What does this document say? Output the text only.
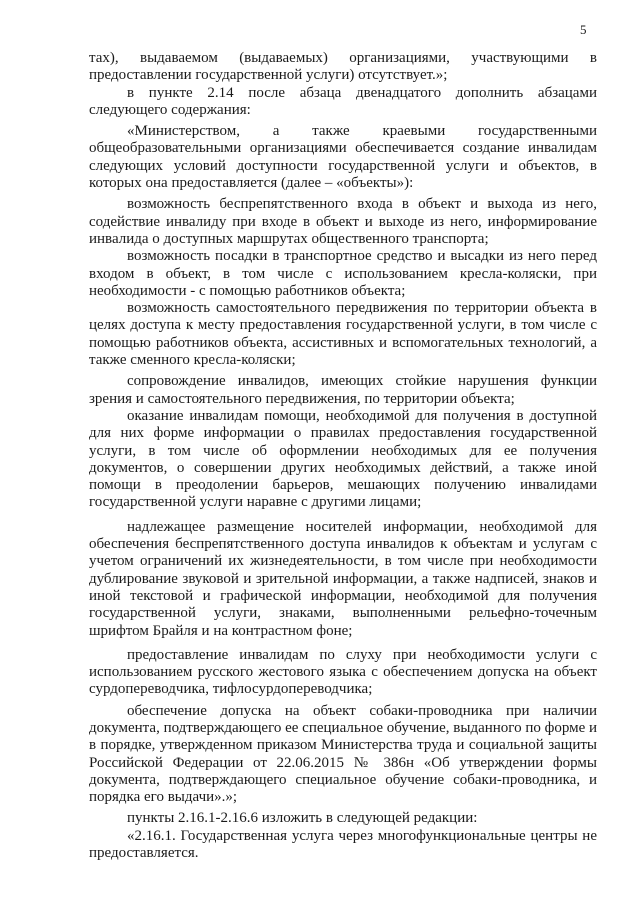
5

тах), выдаваемом (выдаваемых) организациями, участвующими в предоставлении государственной услуги) отсутствует.»;

в пункте 2.14 после абзаца двенадцатого дополнить абзацами следующего содержания:

«Министерством, а также краевыми государственными общеобразовательными организациями обеспечивается создание инвалидам следующих условий доступности государственной услуги и объектов, в которых она предоставляется (далее – «объекты»):

возможность беспрепятственного входа в объект и выхода из него, содействие инвалиду при входе в объект и выходе из него, информирование инвалида о доступных маршрутах общественного транспорта;

возможность посадки в транспортное средство и высадки из него перед входом в объект, в том числе с использованием кресла-коляски, при необходимости - с помощью работников объекта;

возможность самостоятельного передвижения по территории объекта в целях доступа к месту предоставления государственной услуги, в том числе с помощью работников объекта, ассистивных и вспомогательных технологий, а также сменного кресла-коляски;

сопровождение инвалидов, имеющих стойкие нарушения функции зрения и самостоятельного передвижения, по территории объекта;

оказание инвалидам помощи, необходимой для получения в доступной для них форме информации о правилах предоставления государственной услуги, в том числе об оформлении необходимых для ее получения документов, о совершении других необходимых действий, а также иной помощи в преодолении барьеров, мешающих получению инвалидами государственной услуги наравне с другими лицами;

надлежащее размещение носителей информации, необходимой для обеспечения беспрепятственного доступа инвалидов к объектам и услугам с учетом ограничений их жизнедеятельности, в том числе при необходимости дублирование звуковой и зрительной информации, а также надписей, знаков и иной текстовой и графической информации, необходимой для получения государственной услуги, знаками, выполненными рельефно-точечным шрифтом Брайля и на контрастном фоне;

предоставление инвалидам по слуху при необходимости услуги с использованием русского жестового языка с обеспечением допуска на объект сурдопереводчика, тифлосурдопереводчика;

обеспечение допуска на объект собаки-проводника при наличии документа, подтверждающего ее специальное обучение, выданного по форме и в порядке, утвержденном приказом Министерства труда и социальной защиты Российской Федерации от 22.06.2015 № 386н «Об утверждении формы документа, подтверждающего специальное обучение собаки-проводника, и порядка его выдачи».»;

пункты 2.16.1-2.16.6 изложить в следующей редакции:

«2.16.1. Государственная услуга через многофункциональные центры не предоставляется.
